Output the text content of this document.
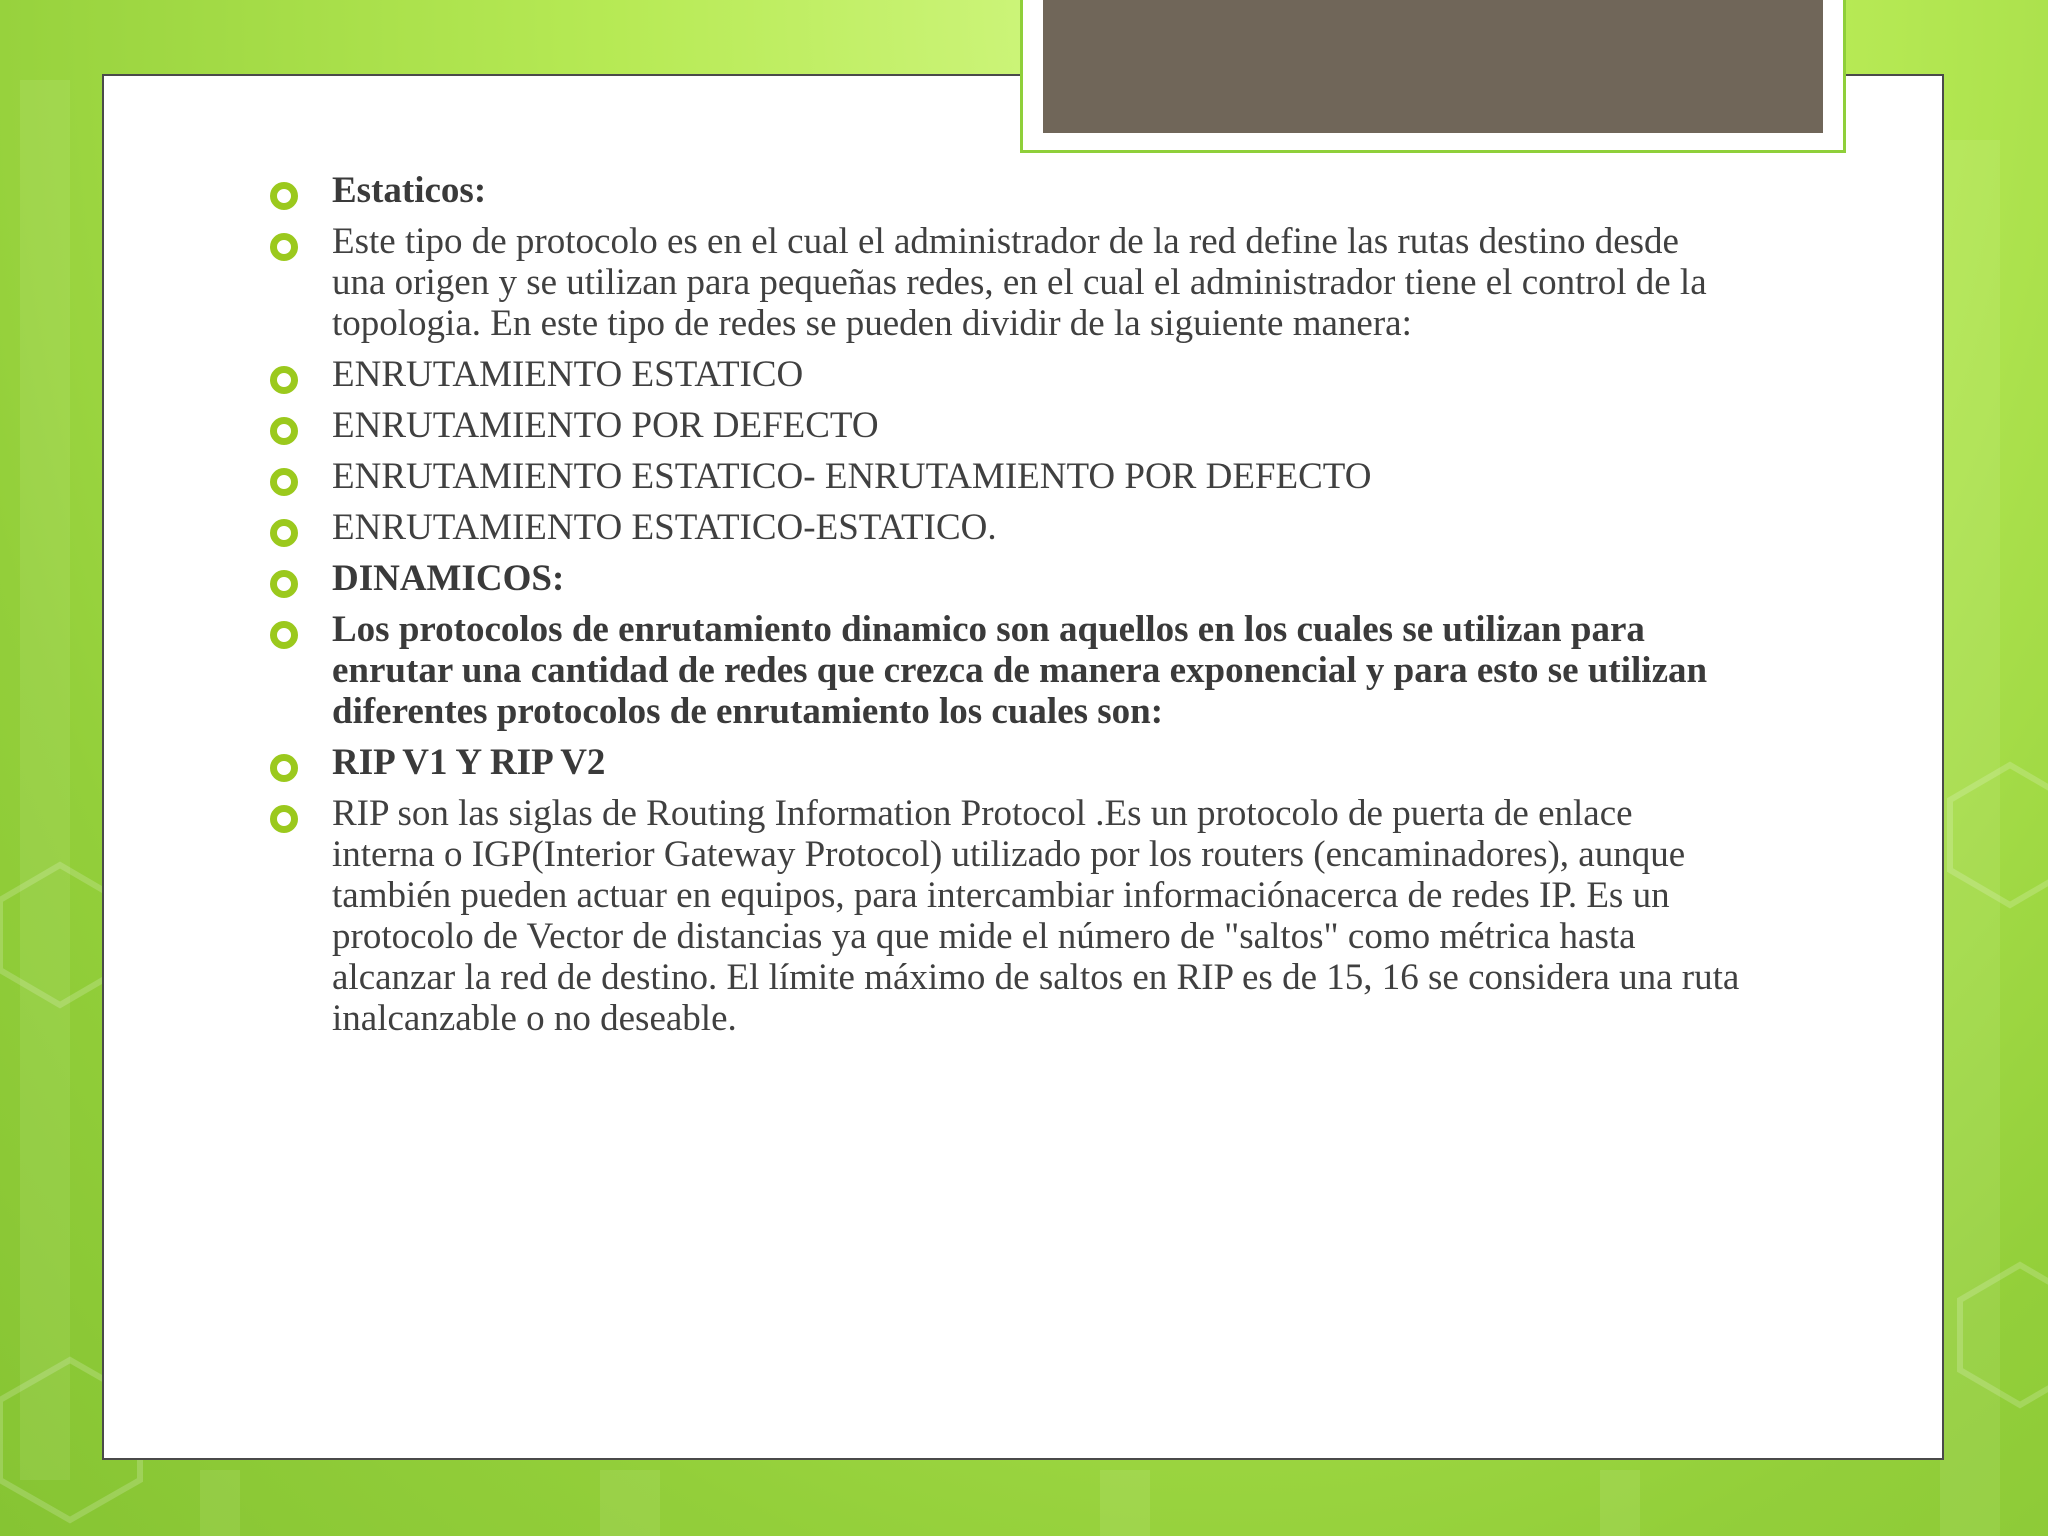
Estaticos:
Este tipo de protocolo es en el cual el administrador de la red define las rutas destino desde una origen y se utilizan para pequeñas redes, en el cual el administrador tiene el control de la topologia. En este tipo de redes se pueden dividir de la siguiente manera:
ENRUTAMIENTO ESTATICO
ENRUTAMIENTO POR DEFECTO
ENRUTAMIENTO ESTATICO- ENRUTAMIENTO POR DEFECTO
ENRUTAMIENTO ESTATICO-ESTATICO.
DINAMICOS:
Los protocolos de enrutamiento dinamico son aquellos en los cuales se utilizan para enrutar una cantidad de redes que crezca de manera exponencial y para esto se utilizan diferentes protocolos de enrutamiento los cuales son:
RIP V1 Y RIP V2
RIP son las siglas de Routing Information Protocol .Es un protocolo de puerta de enlace interna o IGP(Interior Gateway Protocol) utilizado por los routers (encaminadores), aunque también pueden actuar en equipos, para intercambiar informaciónacerca de redes IP. Es un protocolo de Vector de distancias ya que mide el número de "saltos" como métrica hasta alcanzar la red de destino. El límite máximo de saltos en RIP es de 15, 16 se considera una ruta inalcanzable o no deseable.
